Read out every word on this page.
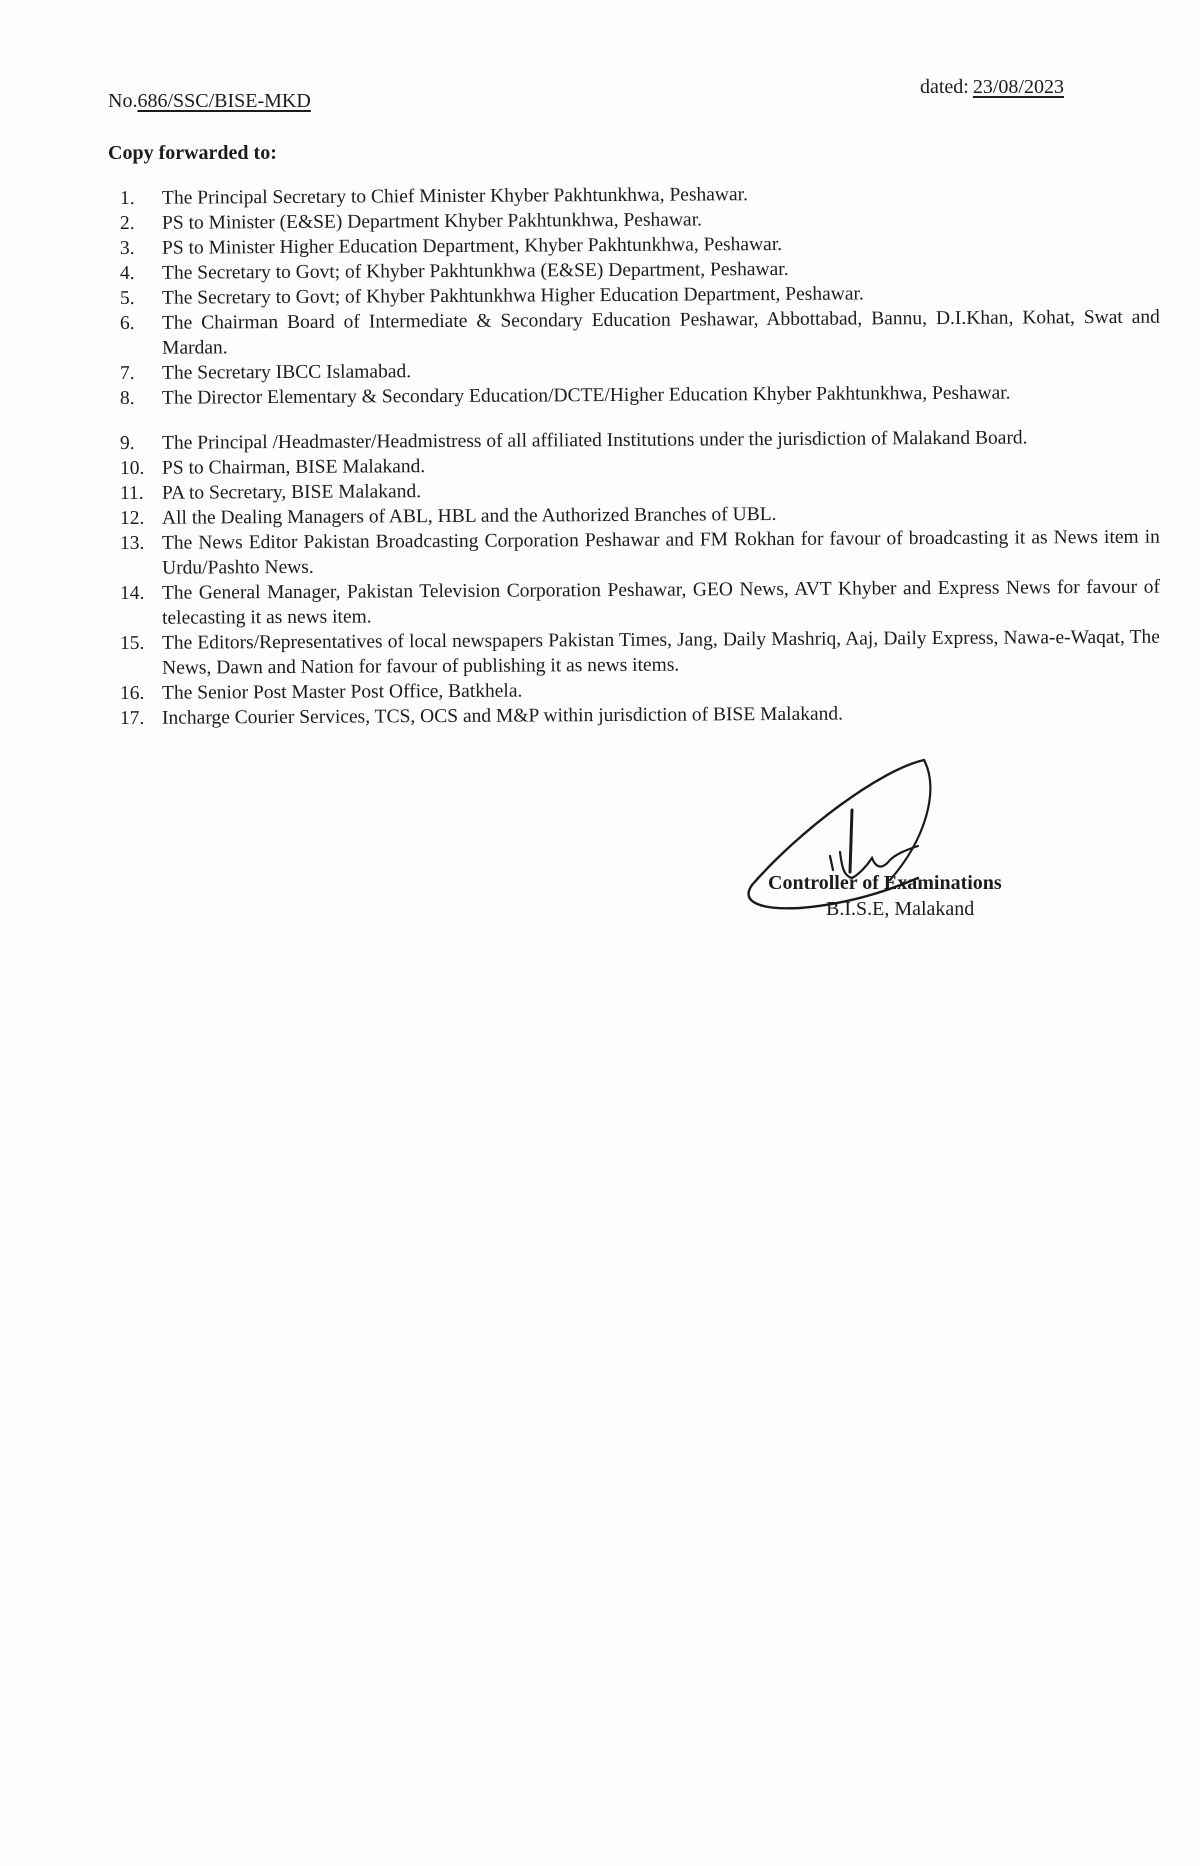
No.686/SSC/BISE-MKD
dated: 23/08/2023
Copy forwarded to:
1.	The Principal Secretary to Chief Minister Khyber Pakhtunkhwa, Peshawar.
2.	PS to Minister (E&SE) Department Khyber Pakhtunkhwa, Peshawar.
3.	PS to Minister Higher Education Department, Khyber Pakhtunkhwa, Peshawar.
4.	The Secretary to Govt; of Khyber Pakhtunkhwa (E&SE) Department, Peshawar.
5.	The Secretary to Govt; of Khyber Pakhtunkhwa Higher Education Department, Peshawar.
6.	The Chairman Board of Intermediate & Secondary Education Peshawar, Abbottabad, Bannu, D.I.Khan, Kohat, Swat and Mardan.
7.	The Secretary IBCC Islamabad.
8.	The Director Elementary & Secondary Education/DCTE/Higher Education Khyber Pakhtunkhwa, Peshawar.
9.	The Principal /Headmaster/Headmistress of all affiliated Institutions under the jurisdiction of Malakand Board.
10. PS to Chairman, BISE Malakand.
11. PA to Secretary, BISE Malakand.
12. All the Dealing Managers of ABL, HBL and the Authorized Branches of UBL.
13. The News Editor Pakistan Broadcasting Corporation Peshawar and FM Rokhan for favour of broadcasting it as News item in Urdu/Pashto News.
14. The General Manager, Pakistan Television Corporation Peshawar, GEO News, AVT Khyber and Express News for favour of telecasting it as news item.
15. The Editors/Representatives of local newspapers Pakistan Times, Jang, Daily Mashriq, Aaj, Daily Express, Nawa-e-Waqat, The News, Dawn and Nation for favour of publishing it as news items.
16. The Senior Post Master Post Office, Batkhela.
17. Incharge Courier Services, TCS, OCS and M&P within jurisdiction of BISE Malakand.
Controller of Examinations
B.I.S.E, Malakand
